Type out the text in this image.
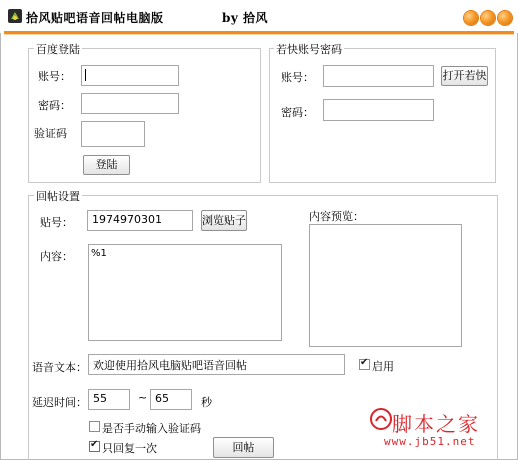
拾风贴吧语音回帖电脑版	by 拾风
百度登陆
账号：
密码：
验证码
登陆
若快账号密码
账号：	打开若快
密码：
回帖设置
贴号：	1974970301	浏览贴子
内容：	%1
内容预览：
语音文本： 欢迎使用拾风电脑贴吧语音回帖
✔	启用
延迟时间： 55	~ 65	秒
是否手动输入验证码
✔
只回复一次	回帖
脚本之家
www.jb51.net
